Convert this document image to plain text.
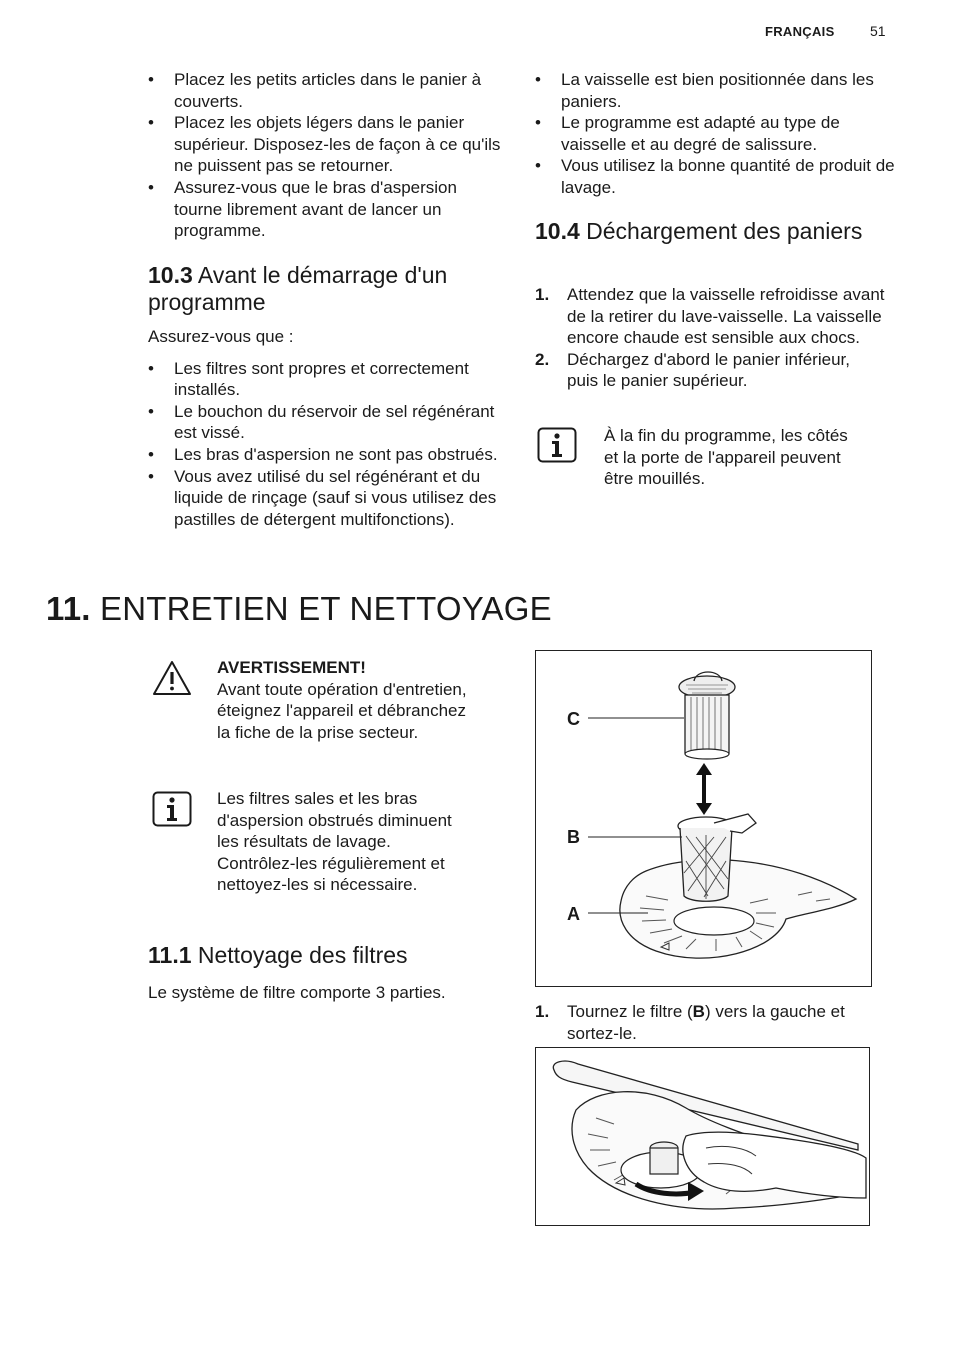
FRANÇAIS	51
• Placez les petits articles dans le panier à couverts.
• Placez les objets légers dans le panier supérieur. Disposez-les de façon à ce qu'ils ne puissent pas se retourner.
• Assurez-vous que le bras d'aspersion tourne librement avant de lancer un programme.
10.3 Avant le démarrage d'un programme
Assurez-vous que :
• Les filtres sont propres et correctement installés.
• Le bouchon du réservoir de sel régénérant est vissé.
• Les bras d'aspersion ne sont pas obstrués.
• Vous avez utilisé du sel régénérant et du liquide de rinçage (sauf si vous utilisez des pastilles de détergent multifonctions).
• La vaisselle est bien positionnée dans les paniers.
• Le programme est adapté au type de vaisselle et au degré de salissure.
• Vous utilisez la bonne quantité de produit de lavage.
10.4 Déchargement des paniers
1. Attendez que la vaisselle refroidisse avant de la retirer du lave-vaisselle. La vaisselle encore chaude est sensible aux chocs.
2. Déchargez d'abord le panier inférieur, puis le panier supérieur.
À la fin du programme, les côtés et la porte de l'appareil peuvent être mouillés.
11. ENTRETIEN ET NETTOYAGE
AVERTISSEMENT!
Avant toute opération d'entretien, éteignez l'appareil et débranchez la fiche de la prise secteur.
Les filtres sales et les bras d'aspersion obstrués diminuent les résultats de lavage. Contrôlez-les régulièrement et nettoyez-les si nécessaire.
11.1 Nettoyage des filtres
Le système de filtre comporte 3 parties.
C
B
A
1. Tournez le filtre (B) vers la gauche et sortez-le.
